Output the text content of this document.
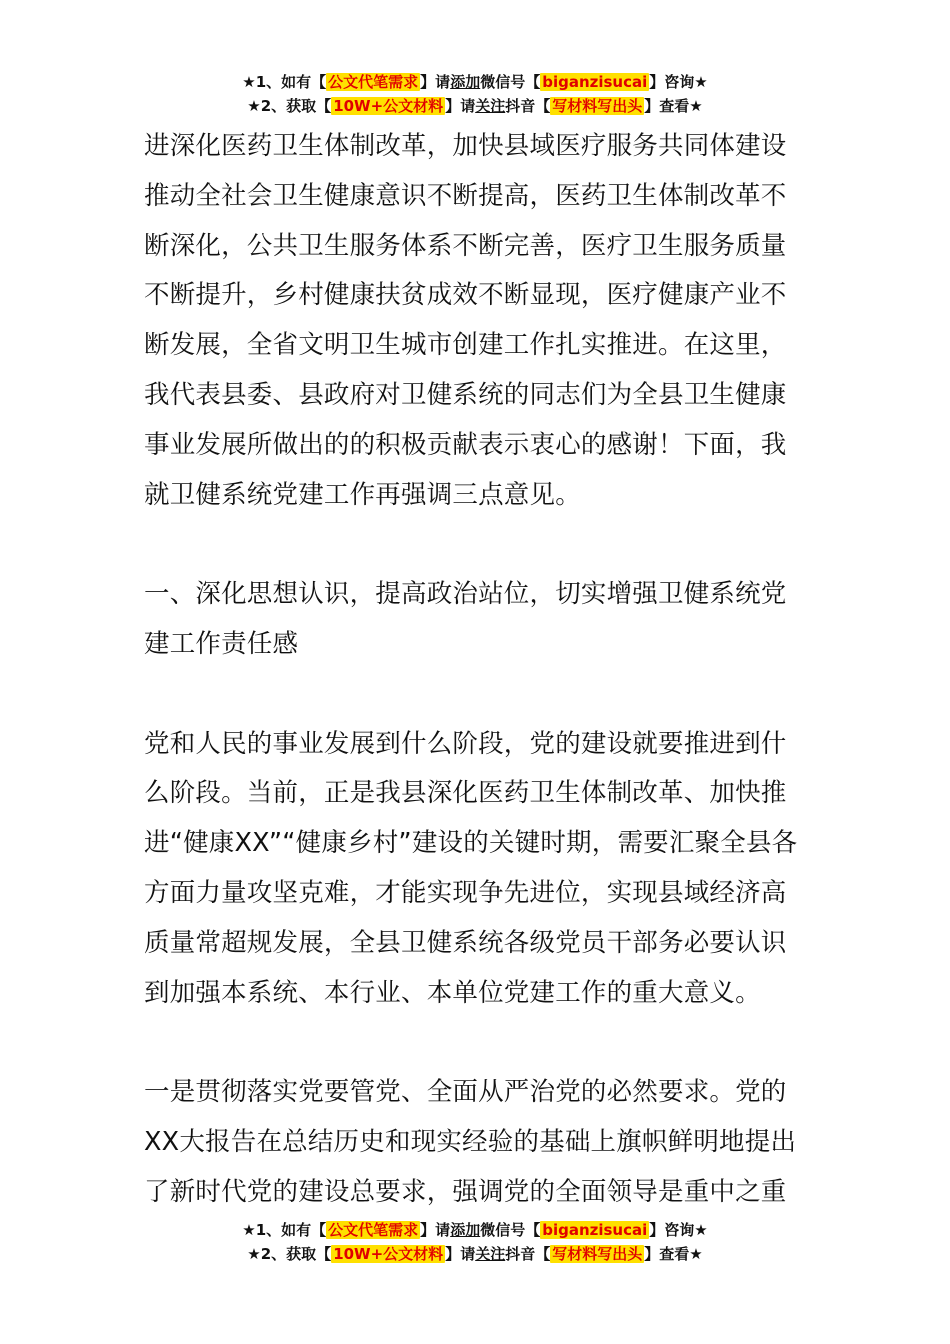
★1、如有【 公文代笔需求 】请添加微信号【 biganzisucai 】咨询★
★2、获取【 10W+公文材料 】请关注抖音【 写材料写出头 】查看★

进深化医药卫生体制改革，加快县域医疗服务共同体建设推动全社会卫生健康意识不断提高，医药卫生体制改革不断深化，公共卫生服务体系不断完善，医疗卫生服务质量不断提升，乡村健康扶贫成效不断显现，医疗健康产业不断发展，全省文明卫生城市创建工作扎实推进。在这里，我代表县委、县政府对卫健系统的同志们为全县卫生健康事业发展所做出的的积极贡献表示衷心的感谢！下面，我就卫健系统党建工作再强调三点意见。

一、深化思想认识，提高政治站位，切实增强卫健系统党建工作责任感

党和人民的事业发展到什么阶段，党的建设就要推进到什么阶段。当前，正是我县深化医药卫生体制改革、加快推进“健康XX”“健康乡村”建设的关键时期，需要汇聚全县各方面力量攻坚克难，才能实现争先进位，实现县域经济高质量常超规发展，全县卫健系统各级党员干部务必要认识到加强本系统、本行业、本单位党建工作的重大意义。

一是贯彻落实党要管党、全面从严治党的必然要求。党的XX大报告在总结历史和现实经验的基础上旗帜鲜明地提出了新时代党的建设总要求，强调党的全面领导是重中之重

★1、如有【 公文代笔需求 】请添加微信号【 biganzisucai 】咨询★
★2、获取【 10W+公文材料 】请关注抖音【 写材料写出头 】查看★
